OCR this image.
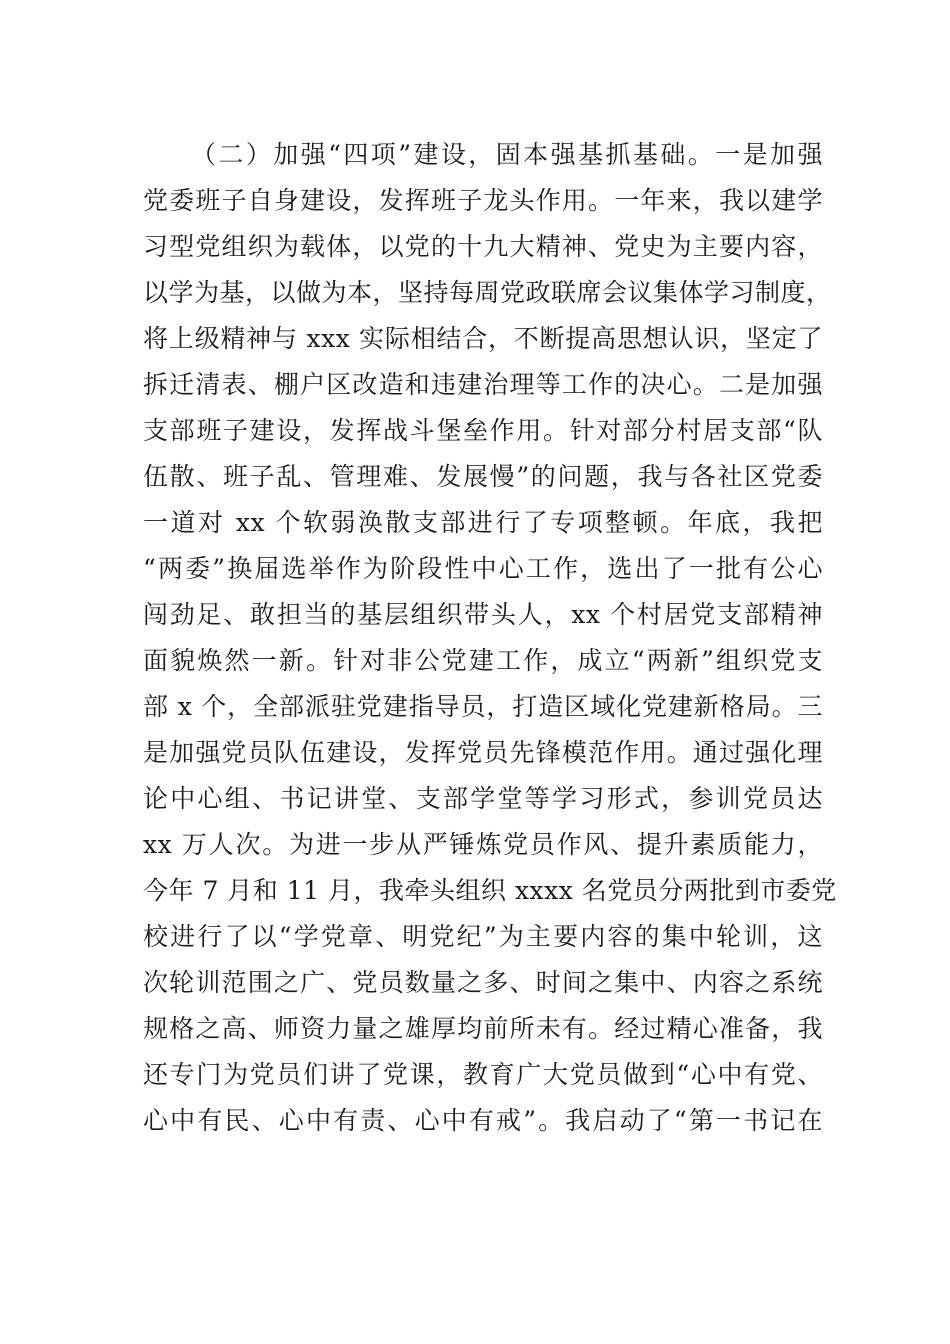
（二）加强“四项”建设，固本强基抓基础。一是加强
党委班子自身建设，发挥班子龙头作用。一年来，我以建学
习型党组织为载体，以党的十九大精神、党史为主要内容，
以学为基，以做为本，坚持每周党政联席会议集体学习制度，
将上级精神与 xxx 实际相结合，不断提高思想认识，坚定了
拆迁清表、棚户区改造和违建治理等工作的决心。二是加强
支部班子建设，发挥战斗堡垒作用。针对部分村居支部“队
伍散、班子乱、管理难、发展慢”的问题，我与各社区党委
一道对 xx 个软弱涣散支部进行了专项整顿。年底，我把
“两委”换届选举作为阶段性中心工作，选出了一批有公心
闯劲足、敢担当的基层组织带头人，xx 个村居党支部精神
面貌焕然一新。针对非公党建工作，成立“两新”组织党支
部 x 个，全部派驻党建指导员，打造区域化党建新格局。三
是加强党员队伍建设，发挥党员先锋模范作用。通过强化理
论中心组、书记讲堂、支部学堂等学习形式，参训党员达
xx 万人次。为进一步从严锤炼党员作风、提升素质能力，
今年 7 月和 11 月，我牵头组织 xxxx 名党员分两批到市委党
校进行了以“学党章、明党纪”为主要内容的集中轮训，这
次轮训范围之广、党员数量之多、时间之集中、内容之系统
规格之高、师资力量之雄厚均前所未有。经过精心准备，我
还专门为党员们讲了党课，教育广大党员做到“心中有党、
心中有民、心中有责、心中有戒”。我启动了“第一书记在
